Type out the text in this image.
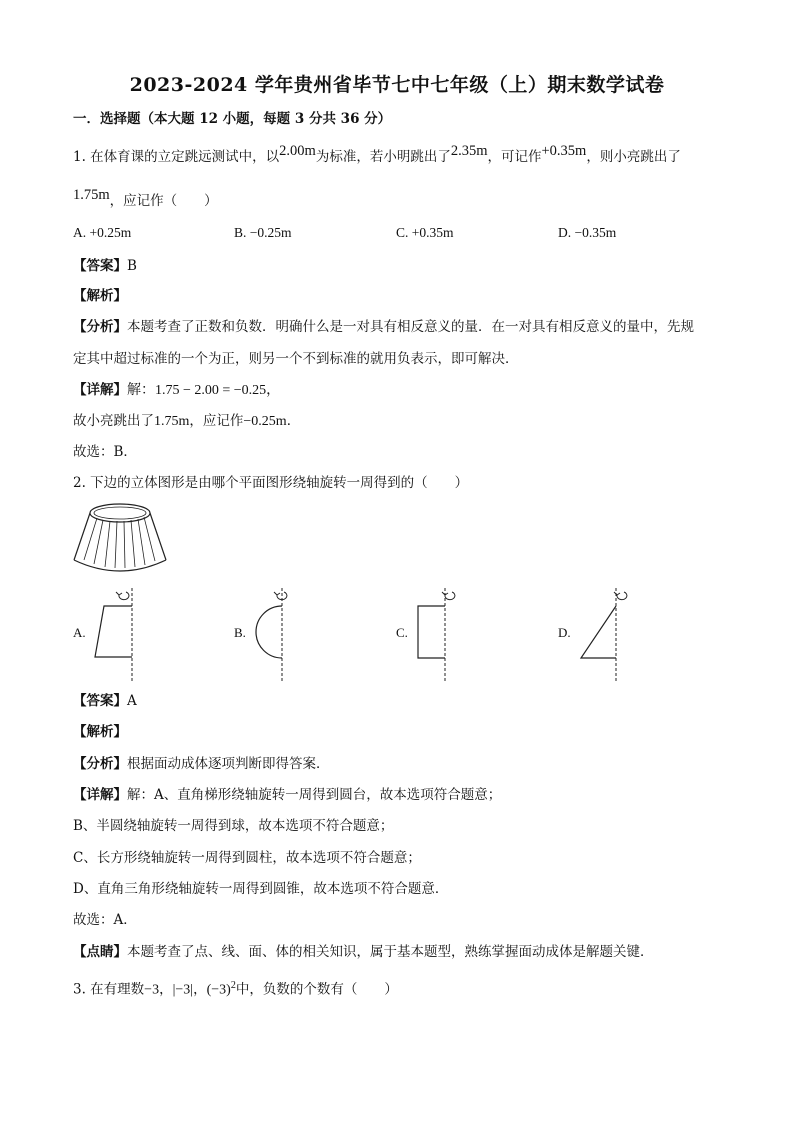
2023-2024 学年贵州省毕节七中七年级（上）期末数学试卷
一．选择题（本大题 12 小题，每题 3 分共 36 分）
1. 在体育课的立定跳远测试中，以2.00m为标准，若小明跳出了2.35m，可记作+0.35m，则小亮跳出了
1.75m，应记作（　　）
A. +0.25m	B. −0.25m	C. +0.35m	D. −0.35m
【答案】B
【解析】
【分析】本题考查了正数和负数．明确什么是一对具有相反意义的量．在一对具有相反意义的量中，先规
定其中超过标准的一个为正，则另一个不到标准的就用负表示，即可解决．
【详解】解：1.75 − 2.00 = −0.25，
故小亮跳出了1.75m，应记作−0.25m．
故选：B．
2. 下边的立体图形是由哪个平面图形绕轴旋转一周得到的（　　）
A.	B.	C.	D.
【答案】A
【解析】
【分析】根据面动成体逐项判断即得答案．
【详解】解：A、直角梯形绕轴旋转一周得到圆台，故本选项符合题意；
B、半圆绕轴旋转一周得到球，故本选项不符合题意；
C、长方形绕轴旋转一周得到圆柱，故本选项不符合题意；
D、直角三角形绕轴旋转一周得到圆锥，故本选项不符合题意．
故选：A．
【点睛】本题考查了点、线、面、体的相关知识，属于基本题型，熟练掌握面动成体是解题关键．
3. 在有理数−3，|−3|，$(-3)^2$中，负数的个数有（　　）
